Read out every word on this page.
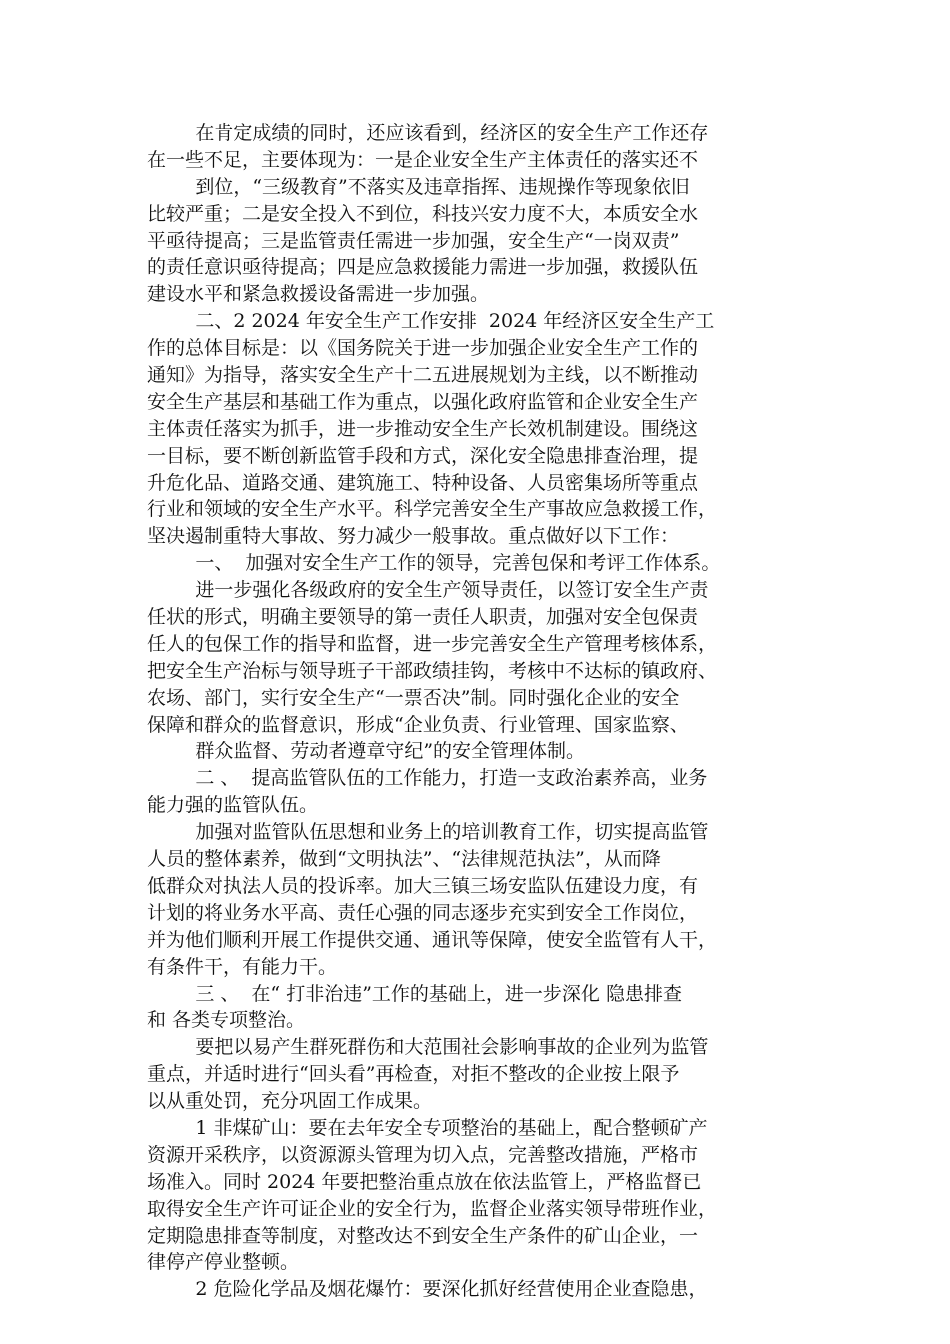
在肯定成绩的同时，还应该看到，经济区的安全生产工作还存
在一些不足，主要体现为：一是企业安全生产主体责任的落实还不
到位，“三级教育”不落实及违章指挥、违规操作等现象依旧
比较严重；二是安全投入不到位，科技兴安力度不大，本质安全水
平亟待提高；三是监管责任需进一步加强，安全生产“一岗双责”
的责任意识亟待提高；四是应急救援能力需进一步加强，救援队伍
建设水平和紧急救援设备需进一步加强。
二、2 2024 年安全生产工作安排  2024 年经济区安全生产工
作的总体目标是：以《国务院关于进一步加强企业安全生产工作的
通知》为指导，落实安全生产十二五进展规划为主线，以不断推动
安全生产基层和基础工作为重点，以强化政府监管和企业安全生产
主体责任落实为抓手，进一步推动安全生产长效机制建设。围绕这
一目标，要不断创新监管手段和方式，深化安全隐患排查治理，提
升危化品、道路交通、建筑施工、特种设备、人员密集场所等重点
行业和领域的安全生产水平。科学完善安全生产事故应急救援工作，
坚决遏制重特大事故、努力减少一般事故。重点做好以下工作：
一、  加强对安全生产工作的领导，完善包保和考评工作体系。
进一步强化各级政府的安全生产领导责任，以签订安全生产责
任状的形式，明确主要领导的第一责任人职责，加强对安全包保责
任人的包保工作的指导和监督，进一步完善安全生产管理考核体系，
把安全生产治标与领导班子干部政绩挂钩，考核中不达标的镇政府、
农场、部门，实行安全生产“一票否决”制。同时强化企业的安全
保障和群众的监督意识，形成“企业负责、行业管理、国家监察、
群众监督、劳动者遵章守纪”的安全管理体制。
二 、  提高监管队伍的工作能力，打造一支政治素养高，业务
能力强的监管队伍。
加强对监管队伍思想和业务上的培训教育工作，切实提高监管
人员的整体素养，做到“文明执法”、“法律规范执法”，从而降
低群众对执法人员的投诉率。加大三镇三场安监队伍建设力度，有
计划的将业务水平高、责任心强的同志逐步充实到安全工作岗位，
并为他们顺利开展工作提供交通、通讯等保障，使安全监管有人干，
有条件干，有能力干。
三 、  在“ 打非治违”工作的基础上，进一步深化 隐患排查
和 各类专项整治。
要把以易产生群死群伤和大范围社会影响事故的企业列为监管
重点，并适时进行“回头看”再检查，对拒不整改的企业按上限予
以从重处罚，充分巩固工作成果。
1 非煤矿山：要在去年安全专项整治的基础上，配合整顿矿产
资源开采秩序，以资源源头管理为切入点，完善整改措施，严格市
场准入。同时 2024 年要把整治重点放在依法监管上，严格监督已
取得安全生产许可证企业的安全行为，监督企业落实领导带班作业，
定期隐患排查等制度，对整改达不到安全生产条件的矿山企业，一
律停产停业整顿。
2 危险化学品及烟花爆竹：要深化抓好经营使用企业查隐患，
